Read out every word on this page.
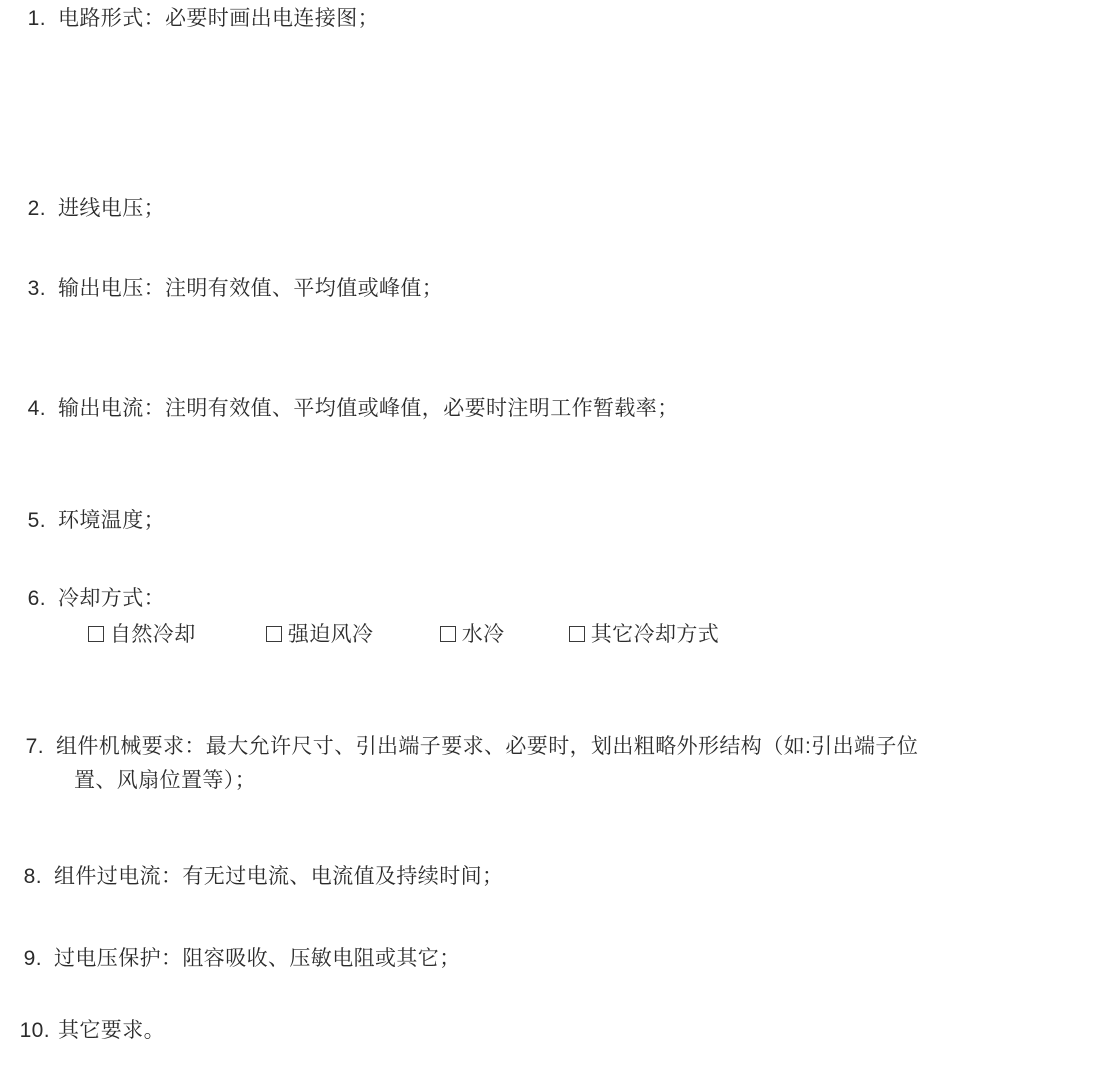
1. 电路形式：必要时画出电连接图；
2. 进线电压；
3. 输出电压：注明有效值、平均值或峰值；
4. 输出电流：注明有效值、平均值或峰值，必要时注明工作暂载率；
5. 环境温度；
6. 冷却方式：
自然冷却	强迫风冷	水冷	其它冷却方式
7. 组件机械要求：最大允许尺寸、引出端子要求、必要时，划出粗略外形结构（如:引出端子位
置、风扇位置等）；
8. 组件过电流：有无过电流、电流值及持续时间；
9. 过电压保护：阻容吸收、压敏电阻或其它；
10. 其它要求。
